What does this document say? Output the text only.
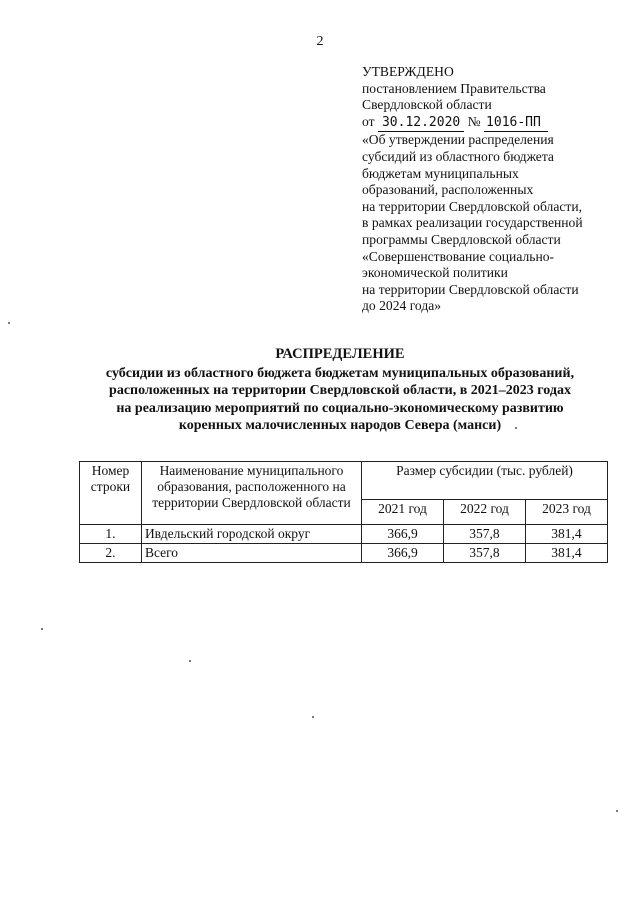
2
УТВЕРЖДЕНО
постановлением Правительства
Свердловской области
от 30.12.2020 № 1016-ПП
«Об утверждении распределения
субсидий из областного бюджета
бюджетам муниципальных
образований, расположенных
на территории Свердловской области,
в рамках реализации государственной
программы Свердловской области
«Совершенствование социально-
экономической политики
на территории Свердловской области
до 2024 года»
РАСПРЕДЕЛЕНИЕ
субсидии из областного бюджета бюджетам муниципальных образований,
расположенных на территории Свердловской области, в 2021–2023 годах
на реализацию мероприятий по социально-экономическому развитию
коренных малочисленных народов Севера (манси)
Номер строки	Наименование муниципального образования, расположенного на территории Свердловской области	Размер субсидии (тыс. рублей)		
		2021 год	2022 год	2023 год
1.	Ивдельский городской округ	366,9	357,8	381,4
2.	Всего	366,9	357,8	381,4
